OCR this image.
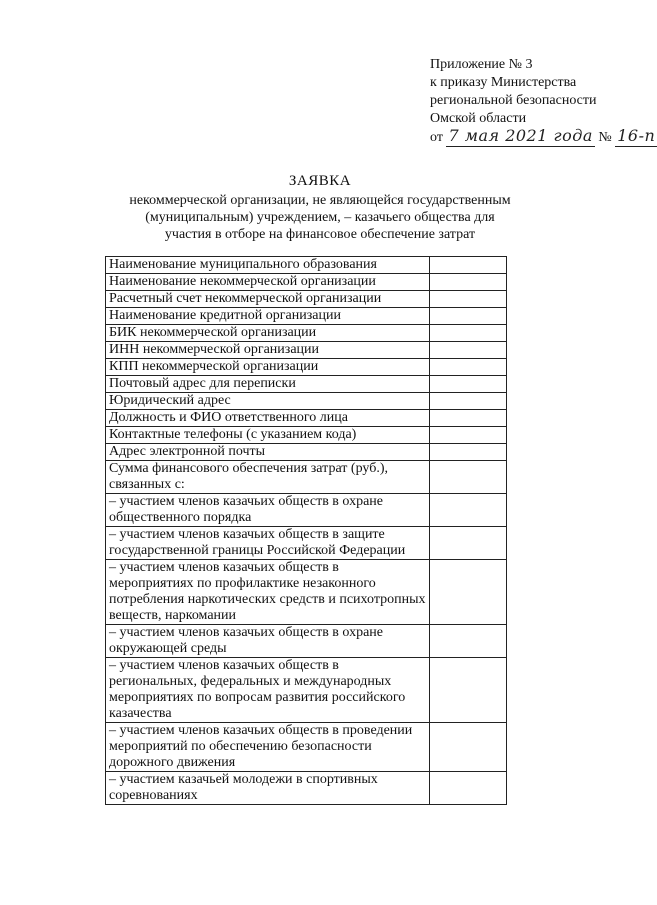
Приложение № 3
к приказу Министерства
региональной безопасности
Омской области
от 7 мая 2021 года № 16-п
ЗАЯВКА
некоммерческой организации, не являющейся государственным
(муниципальным) учреждением, – казачьего общества для
участия в отборе на финансовое обеспечение затрат
Наименование муниципального образования	
Наименование некоммерческой организации	
Расчетный счет некоммерческой организации	
Наименование кредитной организации	
БИК некоммерческой организации	
ИНН некоммерческой организации	
КПП некоммерческой организации	
Почтовый адрес для переписки	
Юридический адрес	
Должность и ФИО ответственного лица	
Контактные телефоны (с указанием кода)	
Адрес электронной почты	
Сумма финансового обеспечения затрат (руб.), связанных с:	
– участием членов казачьих обществ в охране общественного порядка	
– участием членов казачьих обществ в защите государственной границы Российской Федерации	
– участием членов казачьих обществ в мероприятиях по профилактике незаконного потребления наркотических средств и психотропных веществ, наркомании	
– участием членов казачьих обществ в охране окружающей среды	
– участием членов казачьих обществ в региональных, федеральных и международных мероприятиях по вопросам развития российского казачества	
– участием членов казачьих обществ в проведении мероприятий по обеспечению безопасности дорожного движения	
– участием казачьей молодежи в спортивных соревнованиях	
